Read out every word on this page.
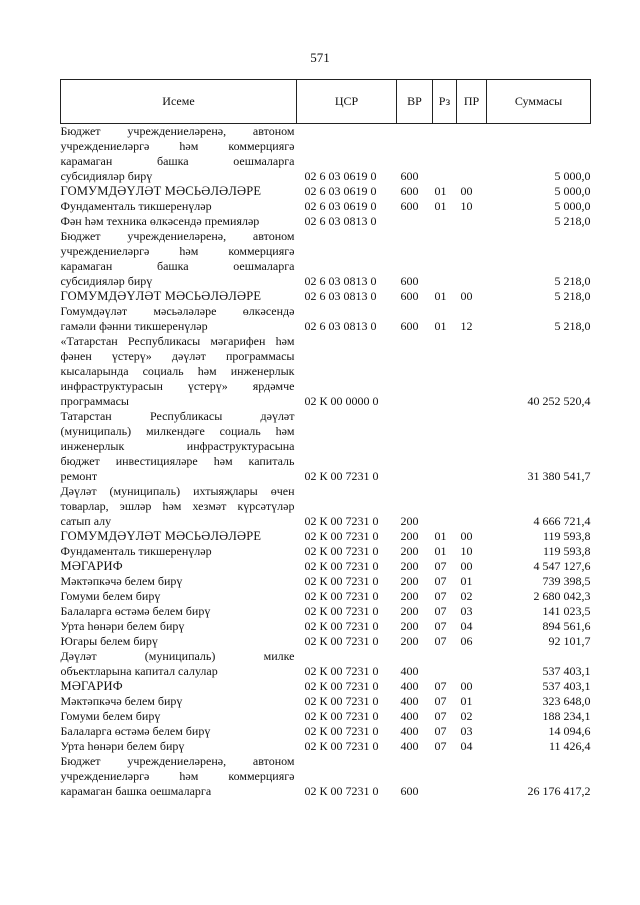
571
Исеме	ЦСР	ВР	Рз	ПР	Суммасы

Бюджет учреждениеләренә, автоном
учреждениеләргә һәм коммерциягә
карамаган башка оешмаларга
субсидияләр бирү	02 6 03 0619 0	600			5 000,0

ГОМУМДӘҮЛӘТ МӘСЬӘЛӘЛӘРЕ	02 6 03 0619 0	600	01	00	5 000,0

Фундаменталь тикшеренүләр	02 6 03 0619 0	600	01	10	5 000,0

Фән һәм техника өлкәсендә премияләр	02 6 03 0813 0				5 218,0

Бюджет учреждениеләренә, автоном
учреждениеләргә һәм коммерциягә
карамаган башка оешмаларга
субсидияләр бирү	02 6 03 0813 0	600			5 218,0

ГОМУМДӘҮЛӘТ МӘСЬӘЛӘЛӘРЕ	02 6 03 0813 0	600	01	00	5 218,0

Гомумдәүләт мәсьәләләре өлкәсендә
гамәли фәнни тикшеренүләр	02 6 03 0813 0	600	01	12	5 218,0

«Татарстан Республикасы мәгарифен һәм
фәнен үстерү» дәүләт программасы
кысаларында социаль һәм инженерлык
инфраструктурасын үстерү» ярдәмче
программасы	02 К 00 0000 0				40 252 520,4

Татарстан Республикасы дәүләт
(муниципаль) милкендәге социаль һәм
инженерлык инфраструктурасына
бюджет инвестицияләре һәм капиталь
ремонт	02 К 00 7231 0				31 380 541,7

Дәүләт (муниципаль) ихтыяҗлары өчен
товарлар, эшләр һәм хезмәт күрсәтүләр
сатып алу	02 К 00 7231 0	200			4 666 721,4

ГОМУМДӘҮЛӘТ МӘСЬӘЛӘЛӘРЕ	02 К 00 7231 0	200	01	00	119 593,8

Фундаменталь тикшеренүләр	02 К 00 7231 0	200	01	10	119 593,8

МӘГАРИФ	02 К 00 7231 0	200	07	00	4 547 127,6

Мәктәпкәчә белем бирү	02 К 00 7231 0	200	07	01	739 398,5

Гомуми белем бирү	02 К 00 7231 0	200	07	02	2 680 042,3

Балаларга өстәмә белем бирү	02 К 00 7231 0	200	07	03	141 023,5

Урта һөнәри белем бирү	02 К 00 7231 0	200	07	04	894 561,6

Югары белем бирү	02 К 00 7231 0	200	07	06	92 101,7

Дәүләт (муниципаль) милке
объектларына капитал салулар	02 К 00 7231 0	400			537 403,1

МӘГАРИФ	02 К 00 7231 0	400	07	00	537 403,1

Мәктәпкәчә белем бирү	02 К 00 7231 0	400	07	01	323 648,0

Гомуми белем бирү	02 К 00 7231 0	400	07	02	188 234,1

Балаларга өстәмә белем бирү	02 К 00 7231 0	400	07	03	14 094,6

Урта һөнәри белем бирү	02 К 00 7231 0	400	07	04	11 426,4

Бюджет учреждениеләренә, автоном
учреждениеләргә һәм коммерциягә
карамаган башка оешмаларга	02 К 00 7231 0	600			26 176 417,2
